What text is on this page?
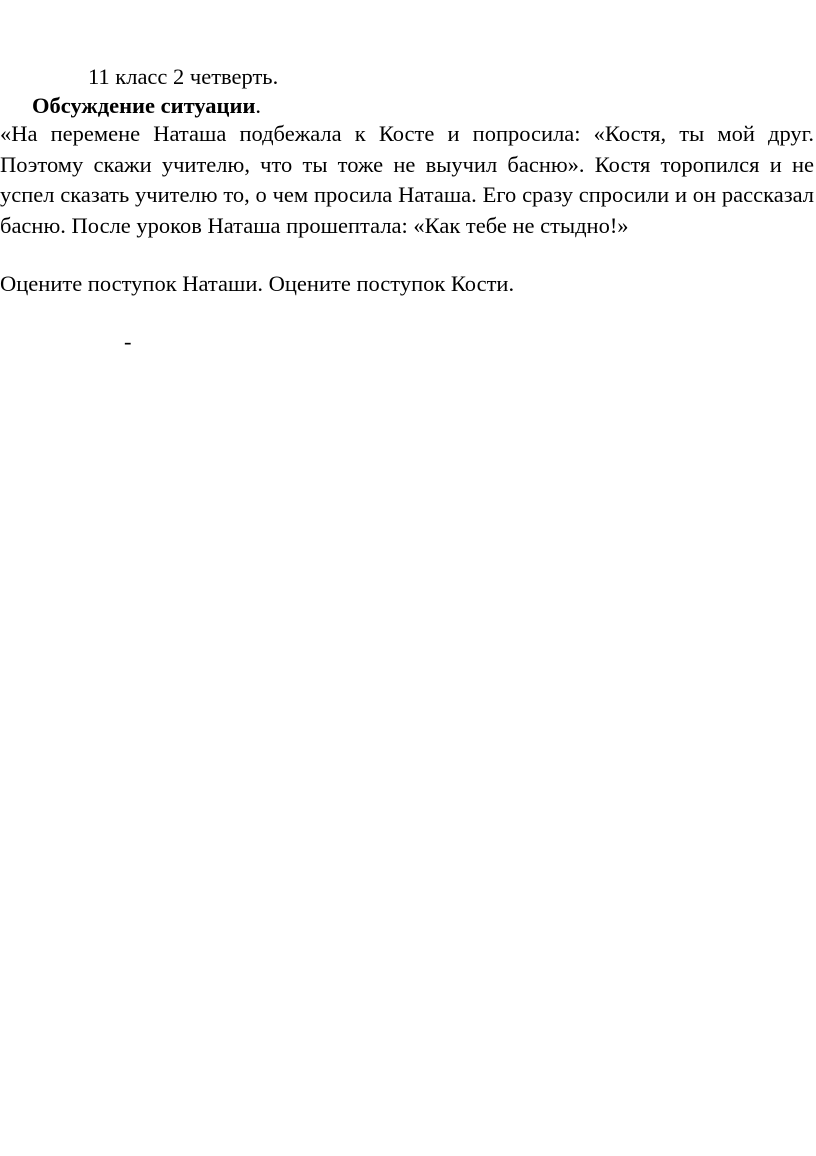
11 класс 2 четверть.
Обсуждение ситуации.

«На перемене Наташа подбежала к Косте и попросила: «Костя, ты мой друг. Поэтому скажи учителю, что ты тоже не выучил басню». Костя торопился и не успел сказать учителю то, о чем просила Наташа. Его сразу спросили и он рассказал басню. После уроков Наташа прошептала: «Как тебе не стыдно!»

Оцените поступок Наташи. Оцените поступок Кости.
-
